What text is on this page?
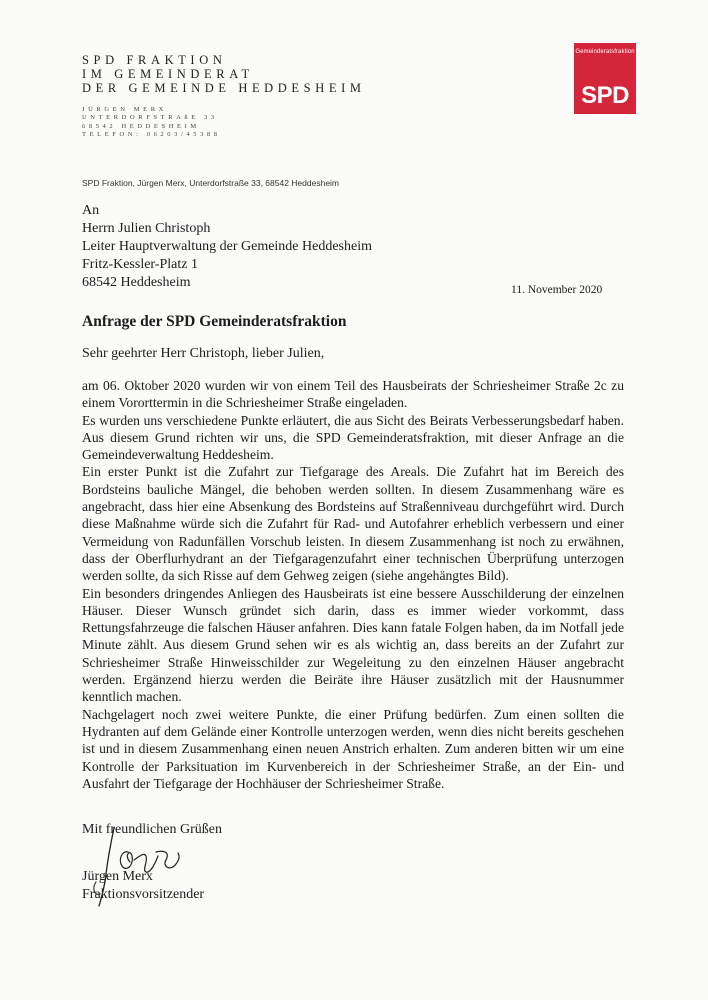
SPD FRAKTION
IM GEMEINDERAT
DER GEMEINDE HEDDESHEIM
JÜRGEN MERX
UNTERDORFSTRAßE 33
68542 HEDDESHEIM
TELEFON: 06203/45388
Gemeinderatsfraktion
SPD
SPD Fraktion, Jürgen Merx, Unterdorfstraße 33, 68542 Heddesheim
An
Herrn Julien Christoph
Leiter Hauptverwaltung der Gemeinde Heddesheim
Fritz-Kessler-Platz 1
68542 Heddesheim	11. November 2020
Anfrage der SPD Gemeinderatsfraktion
Sehr geehrter Herr Christoph, lieber Julien,

am 06. Oktober 2020 wurden wir von einem Teil des Hausbeirats der Schriesheimer Straße 2c zu einem Vororttermin in die Schriesheimer Straße eingeladen.

Es wurden uns verschiedene Punkte erläutert, die aus Sicht des Beirats Verbesserungsbedarf haben. Aus diesem Grund richten wir uns, die SPD Gemeinderatsfraktion, mit dieser Anfrage an die Gemeindeverwaltung Heddesheim.

Ein erster Punkt ist die Zufahrt zur Tiefgarage des Areals. Die Zufahrt hat im Bereich des Bordsteins bauliche Mängel, die behoben werden sollten. In diesem Zusammenhang wäre es angebracht, dass hier eine Absenkung des Bordsteins auf Straßenniveau durchgeführt wird. Durch diese Maßnahme würde sich die Zufahrt für Rad- und Autofahrer erheblich verbessern und einer Vermeidung von Radunfällen Vorschub leisten. In diesem Zusammenhang ist noch zu erwähnen, dass der Oberflurhydrant an der Tiefgaragenzufahrt einer technischen Überprüfung unterzogen werden sollte, da sich Risse auf dem Gehweg zeigen (siehe angehängtes Bild).

Ein besonders dringendes Anliegen des Hausbeirats ist eine bessere Ausschilderung der einzelnen Häuser. Dieser Wunsch gründet sich darin, dass es immer wieder vorkommt, dass Rettungsfahrzeuge die falschen Häuser anfahren. Dies kann fatale Folgen haben, da im Notfall jede Minute zählt. Aus diesem Grund sehen wir es als wichtig an, dass bereits an der Zufahrt zur Schriesheimer Straße Hinweisschilder zur Wegeleitung zu den einzelnen Häuser angebracht werden. Ergänzend hierzu werden die Beiräte ihre Häuser zusätzlich mit der Hausnummer kenntlich machen.

Nachgelagert noch zwei weitere Punkte, die einer Prüfung bedürfen. Zum einen sollten die Hydranten auf dem Gelände einer Kontrolle unterzogen werden, wenn dies nicht bereits geschehen ist und in diesem Zusammenhang einen neuen Anstrich erhalten. Zum anderen bitten wir um eine Kontrolle der Parksituation im Kurvenbereich in der Schriesheimer Straße, an der Ein- und Ausfahrt der Tiefgarage der Hochhäuser der Schriesheimer Straße.

Mit freundlichen Grüßen
Jürgen Merx
Fraktionsvorsitzender
